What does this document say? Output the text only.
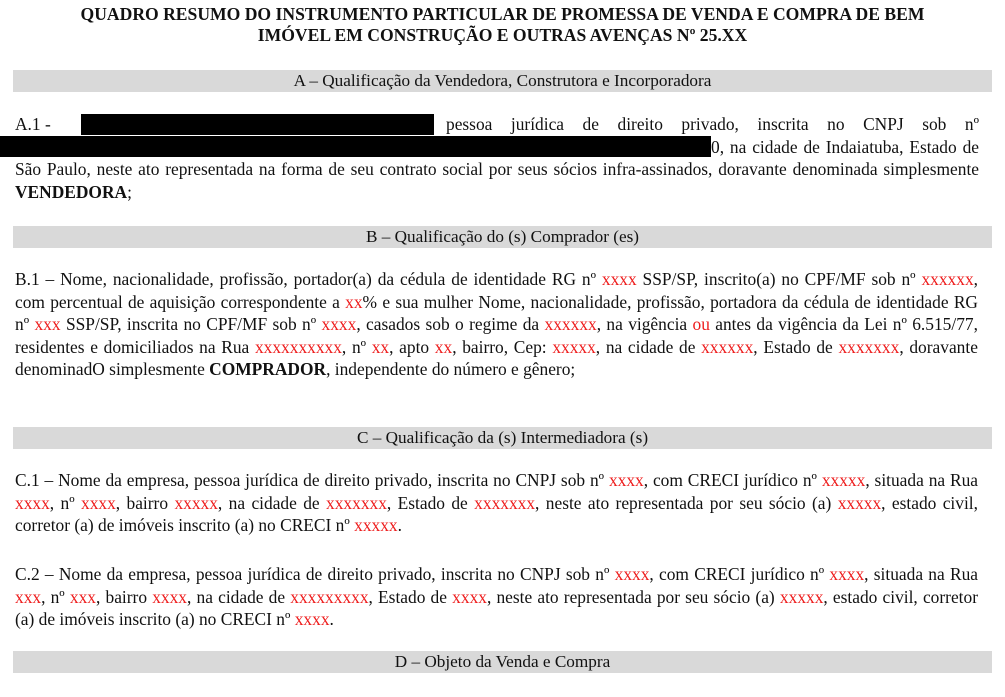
QUADRO RESUMO DO INSTRUMENTO PARTICULAR DE PROMESSA DE VENDA E COMPRA DE BEM
IMÓVEL EM CONSTRUÇÃO E OUTRAS AVENÇAS Nº 25.XX
A – Qualificação da Vendedora, Construtora e Incorporadora
A.1 -	pessoa jurídica de direito privado, inscrita no CNPJ sob nº
0, na cidade de Indaiatuba, Estado de São Paulo, neste ato representada na forma de seu contrato social por seus sócios infra-assinados, doravante denominada simplesmente VENDEDORA;
B – Qualificação do (s) Comprador (es)
B.1 – Nome, nacionalidade, profissão, portador(a) da cédula de identidade RG nº xxxx SSP/SP, inscrito(a) no CPF/MF sob nº xxxxxx, com percentual de aquisição correspondente a xx% e sua mulher Nome, nacionalidade, profissão, portadora da cédula de identidade RG nº xxx SSP/SP, inscrita no CPF/MF sob nº xxxx, casados sob o regime da xxxxxx, na vigência ou antes da vigência da Lei nº 6.515/77, residentes e domiciliados na Rua xxxxxxxxxx, nº xx, apto xx, bairro, Cep: xxxxx, na cidade de xxxxxx, Estado de xxxxxxx, doravante denominadO simplesmente COMPRADOR, independente do número e gênero;
C – Qualificação da (s) Intermediadora (s)
C.1 – Nome da empresa, pessoa jurídica de direito privado, inscrita no CNPJ sob nº xxxx, com CRECI jurídico nº xxxxx, situada na Rua xxxx, nº xxxx, bairro xxxxx, na cidade de xxxxxxx, Estado de xxxxxxx, neste ato representada por seu sócio (a) xxxxx, estado civil, corretor (a) de imóveis inscrito (a) no CRECI nº xxxxx.
C.2 – Nome da empresa, pessoa jurídica de direito privado, inscrita no CNPJ sob nº xxxx, com CRECI jurídico nº xxxx, situada na Rua xxx, nº xxx, bairro xxxx, na cidade de xxxxxxxxx, Estado de xxxx, neste ato representada por seu sócio (a) xxxxx, estado civil, corretor (a) de imóveis inscrito (a) no CRECI nº xxxx.
D – Objeto da Venda e Compra
